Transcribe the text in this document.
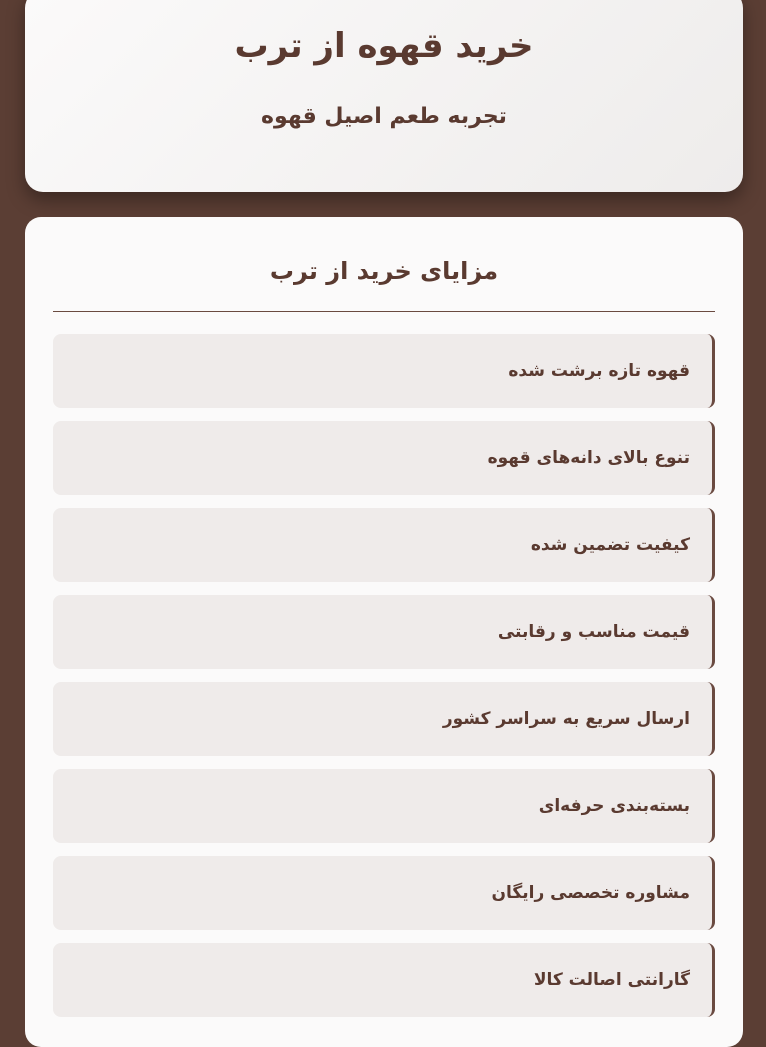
خرید قهوه از ترب

تجربه طعم اصیل قهوه

مزایای خرید از ترب
قهوه تازه برشت شده
تنوع بالای دانه‌های قهوه
کیفیت تضمین شده
قیمت مناسب و رقابتی
ارسال سریع به سراسر کشور
بسته‌بندی حرفه‌ای
مشاوره تخصصی رایگان
گارانتی اصالت کالا
